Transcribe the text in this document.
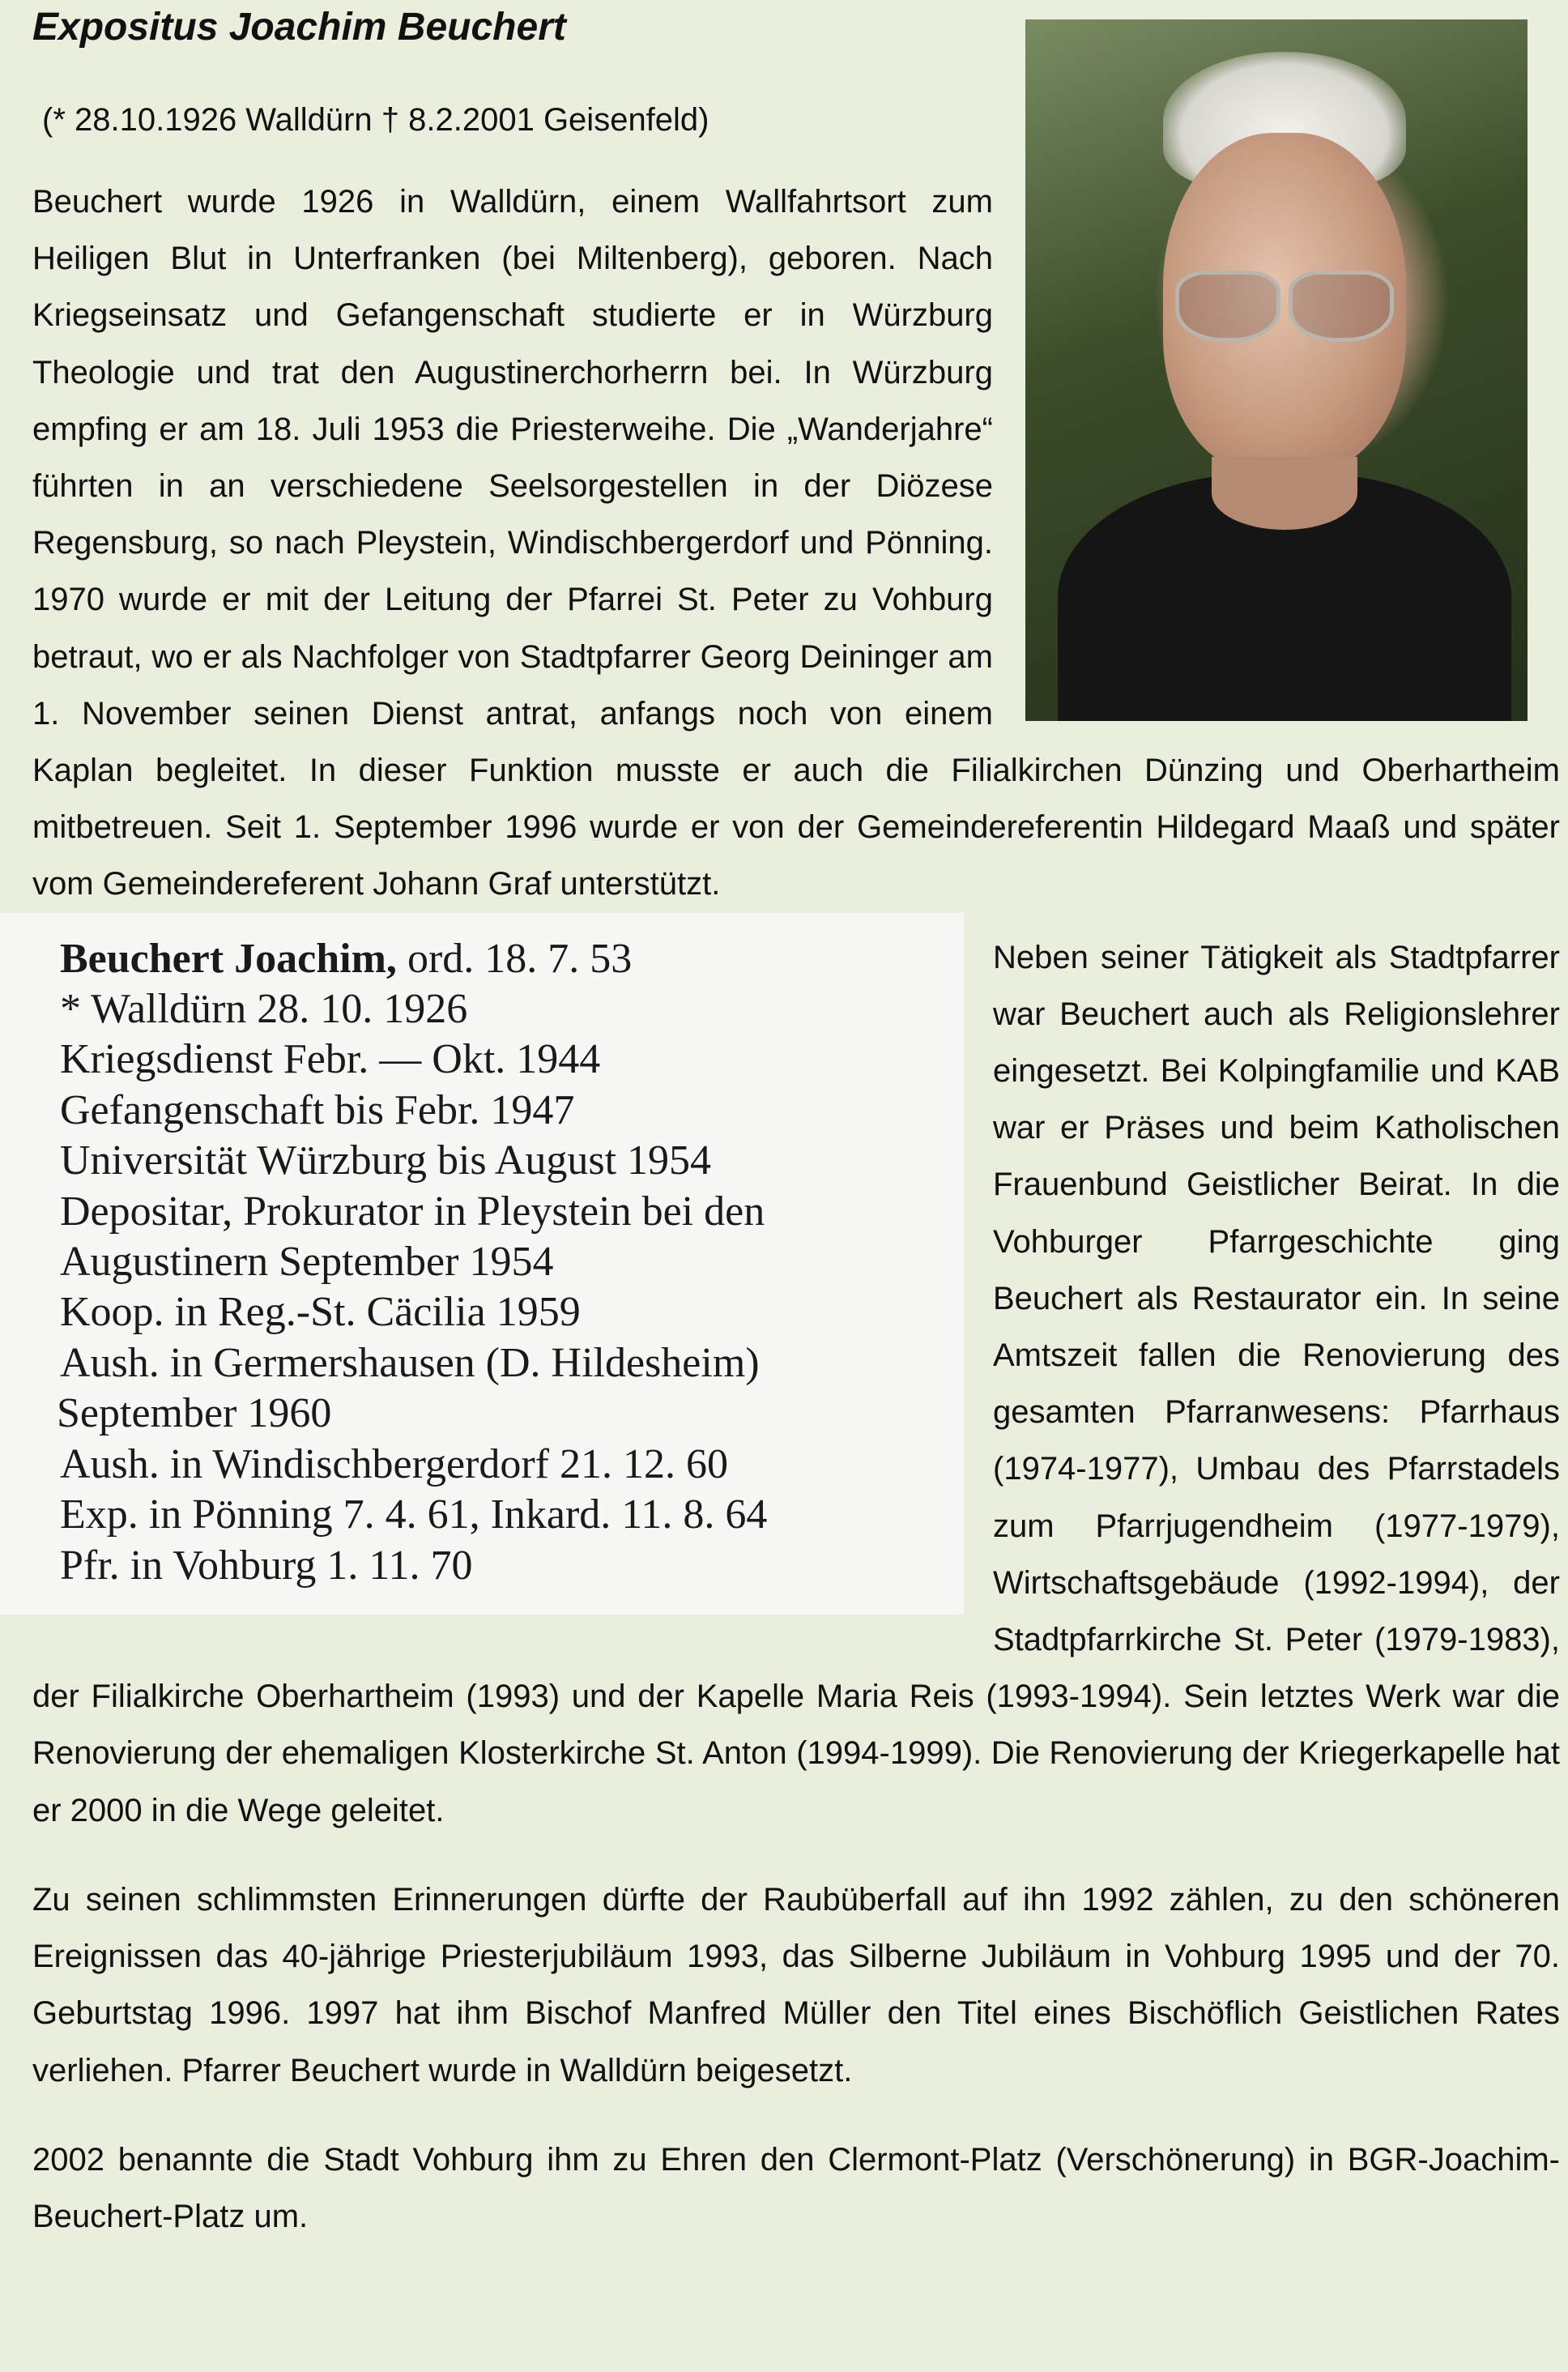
Expositus Joachim Beuchert

(* 28.10.1926 Walldürn † 8.2.2001 Geisenfeld)

Beuchert wurde 1926 in Walldürn, einem Wallfahrtsort zum Heiligen Blut in Unterfranken (bei Miltenberg), geboren. Nach Kriegseinsatz und Gefangenschaft studierte er in Würzburg Theologie und trat den Augustinerchorherrn bei. In Würzburg empfing er am 18. Juli 1953 die Priesterweihe. Die „Wanderjahre“ führten in an verschiedene Seelsorgestellen in der Diözese Regensburg, so nach Pleystein, Windischbergerdorf und Pönning. 1970 wurde er mit der Leitung der Pfarrei St. Peter zu Vohburg betraut, wo er als Nachfolger von Stadtpfarrer Georg Deininger am 1. November seinen Dienst antrat, anfangs noch von einem Kaplan begleitet. In dieser Funktion musste er auch die Filialkirchen Dünzing und Oberhartheim mitbetreuen. Seit 1. September 1996 wurde er von der Gemeindereferentin Hildegard Maaß und später vom Gemeindereferent Johann Graf unterstützt.

Beuchert Joachim, ord. 18. 7. 53

* Walldürn 28. 10. 1926

Kriegsdienst Febr. — Okt. 1944

Gefangenschaft bis Febr. 1947

Universität Würzburg bis August 1954

Depositar, Prokurator in Pleystein bei den

Augustinern September 1954

Koop. in Reg.-St. Cäcilia 1959

Aush. in Germershausen (D. Hildesheim)

September 1960

Aush. in Windischbergerdorf 21. 12. 60

Exp. in Pönning 7. 4. 61, Inkard. 11. 8. 64

Pfr. in Vohburg 1. 11. 70

Neben seiner Tätigkeit als Stadtpfarrer war Beuchert auch als Religionslehrer eingesetzt. Bei Kolpingfamilie und KAB war er Präses und beim Katholischen Frauenbund Geistlicher Beirat. In die Vohburger Pfarrgeschichte ging Beuchert als Restaurator ein. In seine Amtszeit fallen die Renovierung des gesamten Pfarranwesens: Pfarrhaus (1974-1977), Umbau des Pfarrstadels zum Pfarrjugendheim (1977-1979), Wirtschaftsgebäude (1992-1994), der Stadtpfarrkirche St. Peter (1979-1983), der Filialkirche Oberhartheim (1993) und der Kapelle Maria Reis (1993-1994). Sein letztes Werk war die Renovierung der ehemaligen Klosterkirche St. Anton (1994-1999). Die Renovierung der Kriegerkapelle hat er 2000 in die Wege geleitet.

Zu seinen schlimmsten Erinnerungen dürfte der Raubüberfall auf ihn 1992 zählen, zu den schöneren Ereignissen das 40-jährige Priesterjubiläum 1993, das Silberne Jubiläum in Vohburg 1995 und der 70. Geburtstag 1996. 1997 hat ihm Bischof Manfred Müller den Titel eines Bischöflich Geistlichen Rates verliehen. Pfarrer Beuchert wurde in Walldürn beigesetzt.

2002 benannte die Stadt Vohburg ihm zu Ehren den Clermont-Platz (Verschönerung) in BGR-Joachim-Beuchert-Platz um.
